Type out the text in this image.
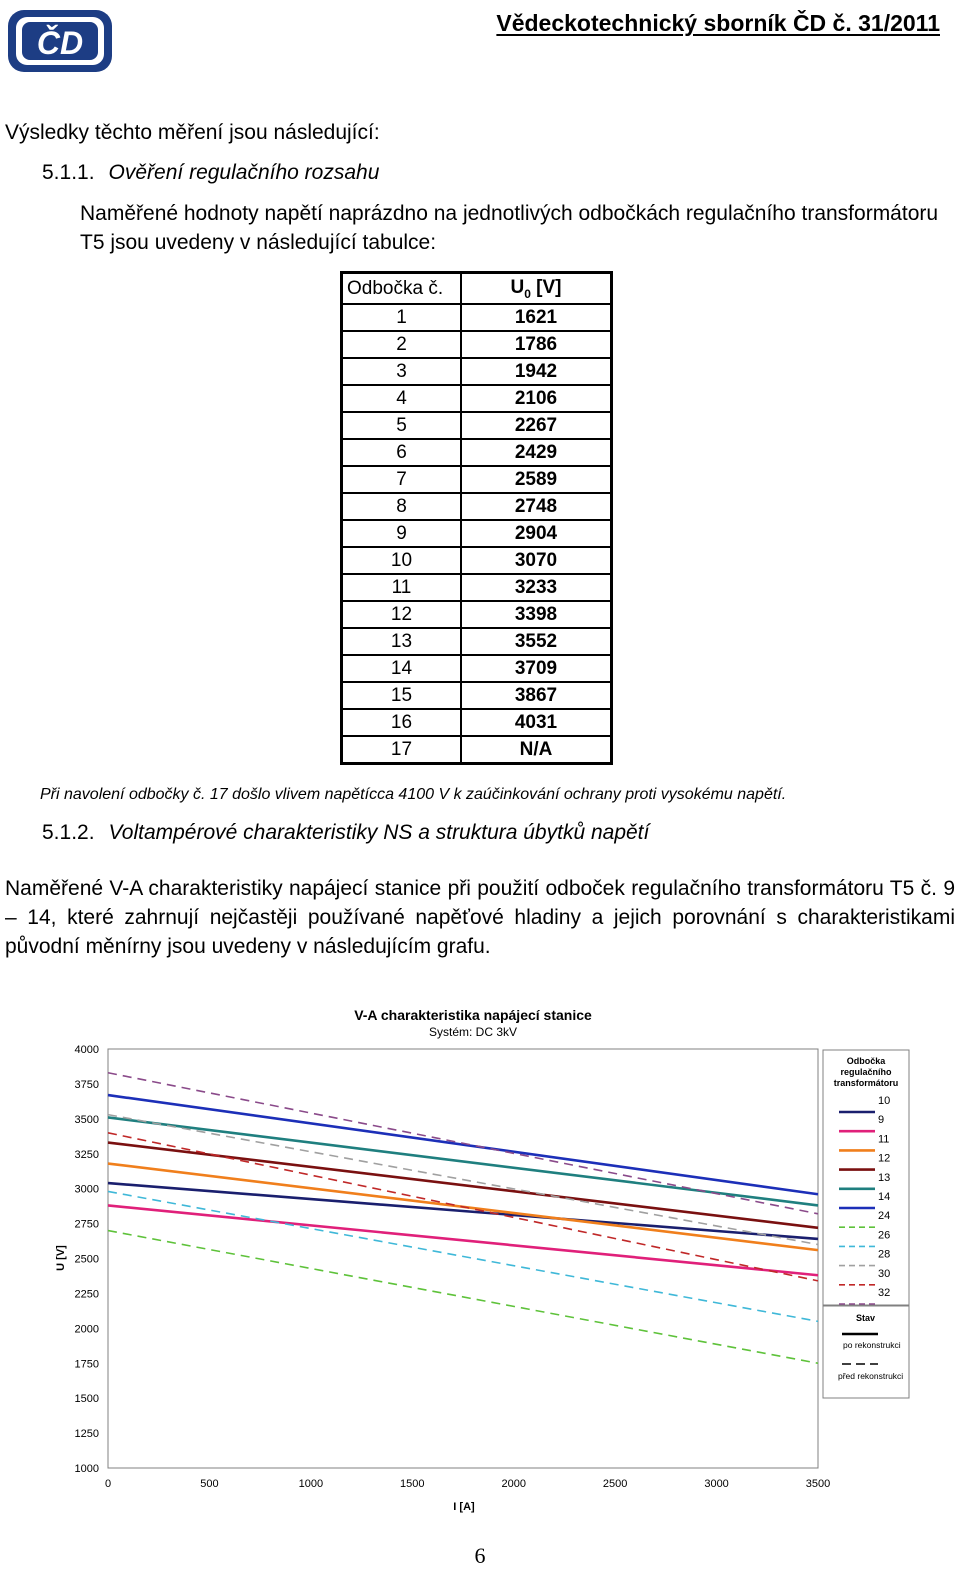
ČD
Vědeckotechnický sborník ČD č. 31/2011
Výsledky těchto měření jsou následující:
5.1.1. Ověření regulačního rozsahu
Naměřené hodnoty napětí naprázdno na jednotlivých odbočkách regulačního transformátoru T5 jsou uvedeny v následující tabulce:
Odbočka č.	$U_0$ [V]
1	1621
2	1786
3	1942
4	2106
5	2267
6	2429
7	2589
8	2748
9	2904
10	3070
11	3233
12	3398
13	3552
14	3709
15	3867
16	4031
17	N/A
Při navolení odbočky č. 17 došlo vlivem napětícca 4100 V k zaúčinkování ochrany proti vysokému napětí.
5.1.2. Voltampérové charakteristiky NS a struktura úbytků napětí
Naměřené V-A charakteristiky napájecí stanice při použití odboček regulačního transformátoru T5 č. 9 – 14, které zahrnují nejčastěji používané napěťové hladiny a jejich porovnání s charakteristikami původní měnírny jsou uvedeny v následujícím grafu.
V-A charakteristika napájecí stanice
Systém: DC 3kV
1000
1250
1500
1750
2000
2250
2500
2750
3000
3250
3500
3750
4000
0	500	1000	1500	2000	2500	3000	3500
I [A]
U [V]
Odbočka regulačního transformátoru
10
9
11
12
13
14
24
26
28
30
32
Stav
po rekonstrukci
před rekonstrukci
6
